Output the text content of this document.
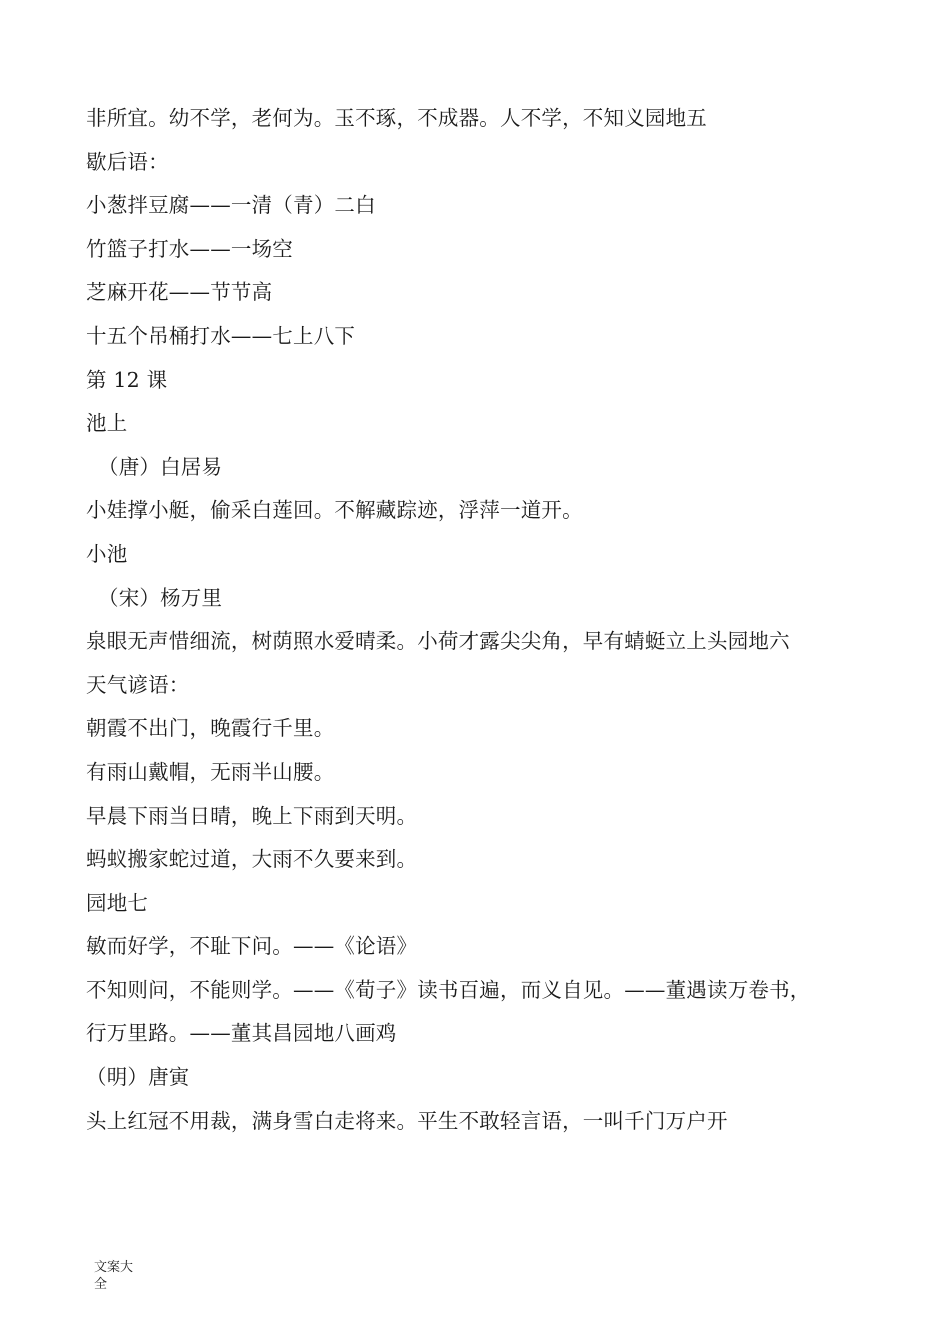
非所宜。幼不学，老何为。玉不琢，不成器。人不学，不知义园地五
歇后语：
小葱拌豆腐——一清（青）二白
竹篮子打水——一场空
芝麻开花——节节高
十五个吊桶打水——七上八下
第 12 课
池上
（唐）白居易
小娃撑小艇，偷采白莲回。不解藏踪迹，浮萍一道开。
小池
（宋）杨万里
泉眼无声惜细流，树荫照水爱晴柔。小荷才露尖尖角，早有蜻蜓立上头园地六
天气谚语：
朝霞不出门，晚霞行千里。
有雨山戴帽，无雨半山腰。
早晨下雨当日晴，晚上下雨到天明。
蚂蚁搬家蛇过道，大雨不久要来到。
园地七
敏而好学，不耻下问。——《论语》
不知则问，不能则学。——《荀子》读书百遍，而义自见。——董遇读万卷书，
行万里路。——董其昌园地八画鸡
（明）唐寅
头上红冠不用裁，满身雪白走将来。平生不敢轻言语，一叫千门万户开
文案大全
